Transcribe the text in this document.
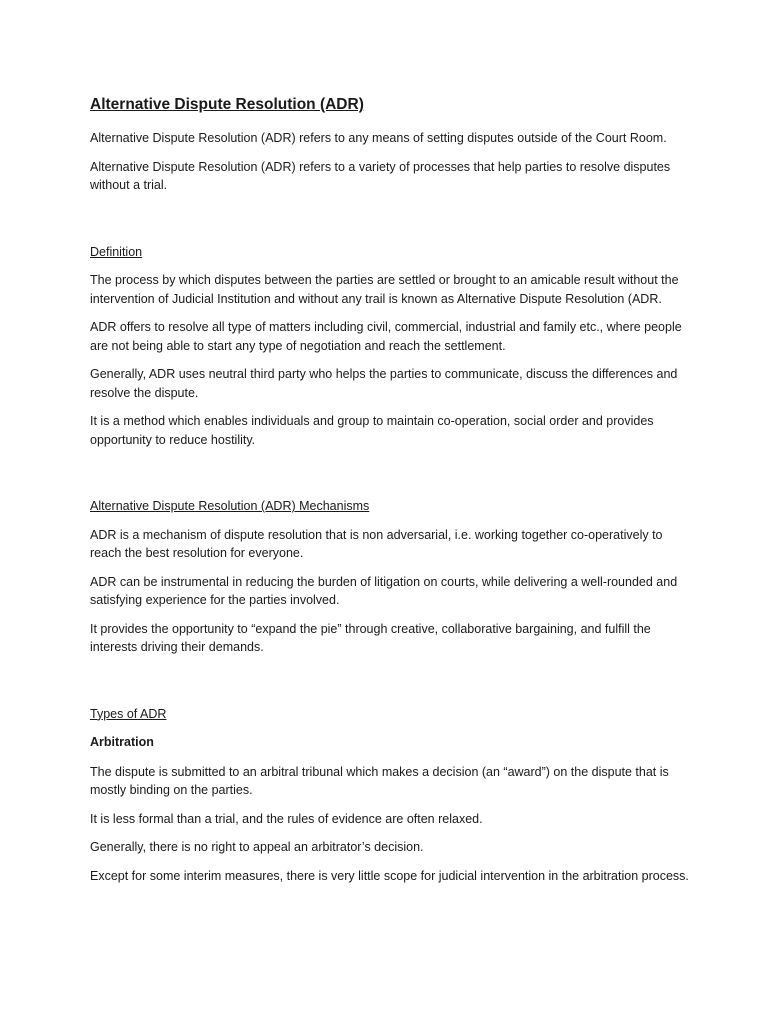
Alternative Dispute Resolution (ADR)

Alternative Dispute Resolution (ADR) refers to any means of setting disputes outside of the Court Room.

Alternative Dispute Resolution (ADR) refers to a variety of processes that help parties to resolve disputes without a trial.

Definition

The process by which disputes between the parties are settled or brought to an amicable result without the intervention of Judicial Institution and without any trail is known as Alternative Dispute Resolution (ADR.

ADR offers to resolve all type of matters including civil, commercial, industrial and family etc., where people are not being able to start any type of negotiation and reach the settlement.

Generally, ADR uses neutral third party who helps the parties to communicate, discuss the differences and resolve the dispute.

It is a method which enables individuals and group to maintain co-operation, social order and provides opportunity to reduce hostility.

Alternative Dispute Resolution (ADR) Mechanisms

ADR is a mechanism of dispute resolution that is non adversarial, i.e. working together co-operatively to reach the best resolution for everyone.

ADR can be instrumental in reducing the burden of litigation on courts, while delivering a well-rounded and satisfying experience for the parties involved.

It provides the opportunity to “expand the pie” through creative, collaborative bargaining, and fulfill the interests driving their demands.

Types of ADR
Arbitration

The dispute is submitted to an arbitral tribunal which makes a decision (an “award”) on the dispute that is mostly binding on the parties.

It is less formal than a trial, and the rules of evidence are often relaxed.

Generally, there is no right to appeal an arbitrator’s decision.

Except for some interim measures, there is very little scope for judicial intervention in the arbitration process.
